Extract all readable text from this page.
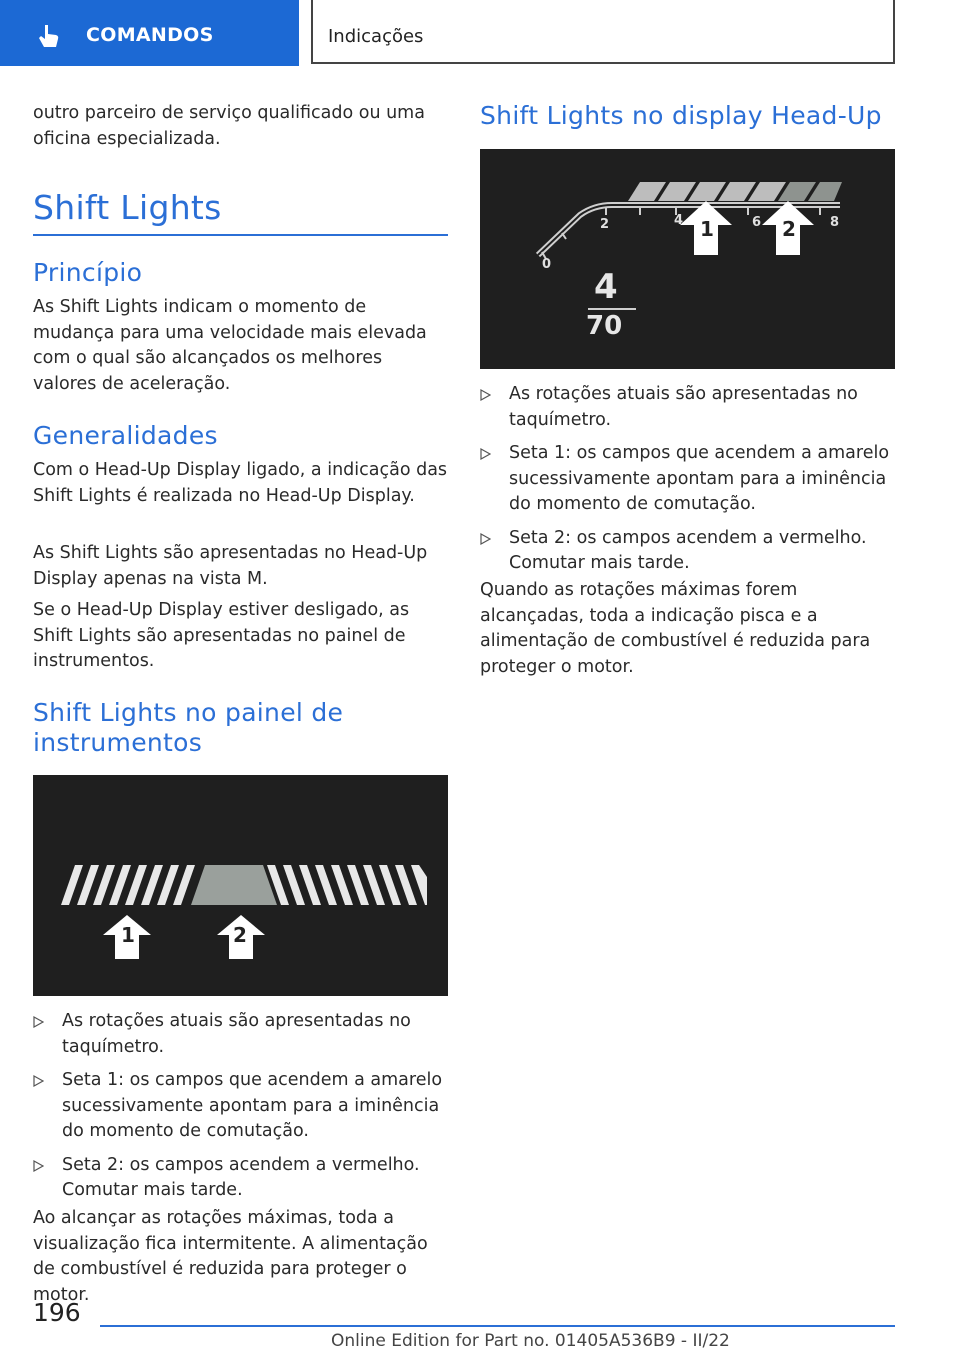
COMANDOS	Indicações

outro parceiro de serviço qualificado ou uma oficina especializada.

Shift Lights
Princípio

As Shift Lights indicam o momento de mudança para uma velocidade mais elevada com o qual são alcançados os melhores valores de aceleração.

Generalidades

Com o Head-Up Display ligado, a indicação das Shift Lights é realizada no Head-Up Display.

As Shift Lights são apresentadas no Head-Up Display apenas na vista M.

Se o Head-Up Display estiver desligado, as Shift Lights são apresentadas no painel de instrumentos.

Shift Lights no painel de
instrumentos
1	2
As rotações atuais são apresentadas no taquímetro.
Seta 1: os campos que acendem a amarelo sucessivamente apontam para a iminência do momento de comutação.
Seta 2: os campos acendem a vermelho. Comutar mais tarde.

Ao alcançar as rotações máximas, toda a visualização fica intermitente. A alimentação de combustível é reduzida para proteger o motor.

Shift Lights no display Head-Up
0
2	4	6	8
1	2
4
70
As rotações atuais são apresentadas no taquímetro.
Seta 1: os campos que acendem a amarelo sucessivamente apontam para a iminência do momento de comutação.
Seta 2: os campos acendem a vermelho. Comutar mais tarde.

Quando as rotações máximas forem alcançadas, toda a indicação pisca e a alimentação de combustível é reduzida para proteger o motor.

196
Online Edition for Part no. 01405A536B9 - II/22
